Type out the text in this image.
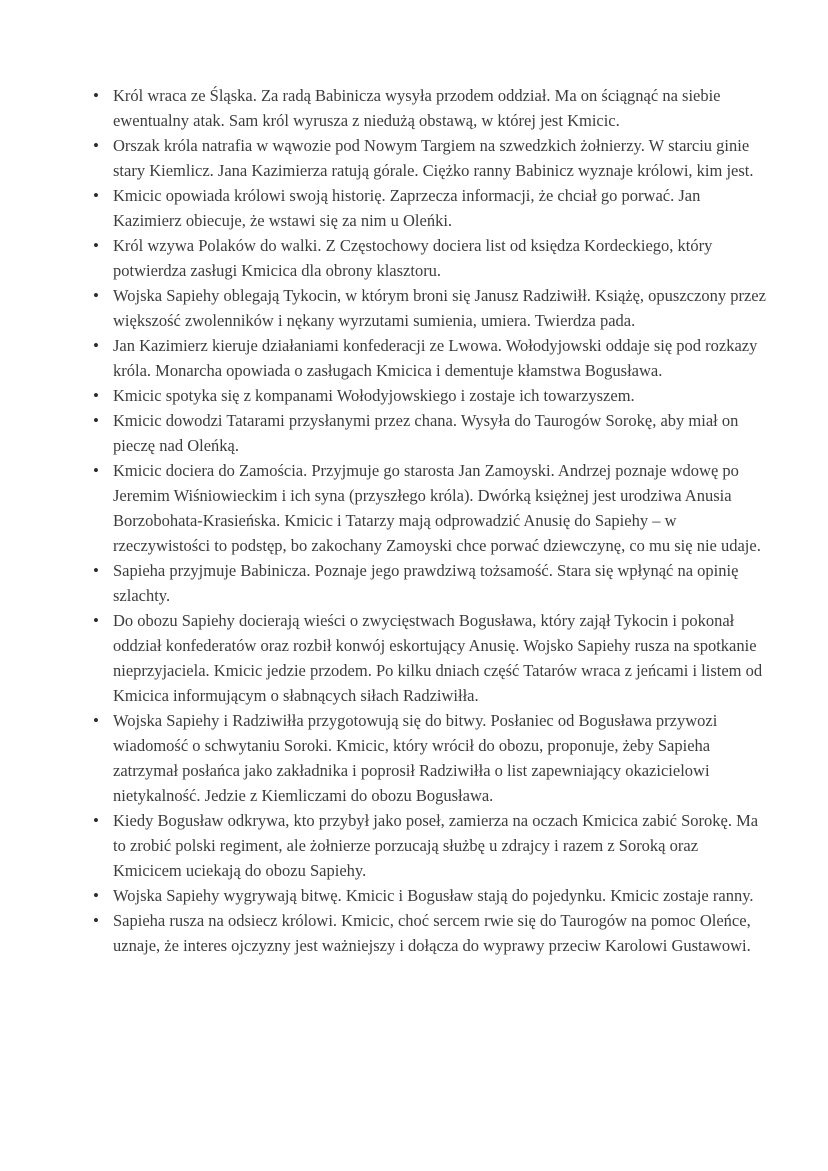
• Król wraca ze Śląska. Za radą Babinicza wysyła przodem oddział. Ma on ściągnąć na siebie ewentualny atak. Sam król wyrusza z niedużą obstawą, w której jest Kmicic.
• Orszak króla natrafia w wąwozie pod Nowym Targiem na szwedzkich żołnierzy. W starciu ginie stary Kiemlicz. Jana Kazimierza ratują górale. Ciężko ranny Babinicz wyznaje królowi, kim jest.
• Kmicic opowiada królowi swoją historię. Zaprzecza informacji, że chciał go porwać. Jan Kazimierz obiecuje, że wstawi się za nim u Oleńki.
• Król wzywa Polaków do walki. Z Częstochowy dociera list od księdza Kordeckiego, który potwierdza zasługi Kmicica dla obrony klasztoru.
• Wojska Sapiehy oblegają Tykocin, w którym broni się Janusz Radziwiłł. Książę, opuszczony przez większość zwolenników i nękany wyrzutami sumienia, umiera. Twierdza pada.
• Jan Kazimierz kieruje działaniami konfederacji ze Lwowa. Wołodyjowski oddaje się pod rozkazy króla. Monarcha opowiada o zasługach Kmicica i dementuje kłamstwa Bogusława.
• Kmicic spotyka się z kompanami Wołodyjowskiego i zostaje ich towarzyszem.
• Kmicic dowodzi Tatarami przysłanymi przez chana. Wysyła do Taurogów Sorokę, aby miał on pieczę nad Oleńką.
• Kmicic dociera do Zamościa. Przyjmuje go starosta Jan Zamoyski. Andrzej poznaje wdowę po Jeremim Wiśniowieckim i ich syna (przyszłego króla). Dwórką księżnej jest urodziwa Anusia Borzobohata-Krasieńska. Kmicic i Tatarzy mają odprowadzić Anusię do Sapiehy – w rzeczywistości to podstęp, bo zakochany Zamoyski chce porwać dziewczynę, co mu się nie udaje.
• Sapieha przyjmuje Babinicza. Poznaje jego prawdziwą tożsamość. Stara się wpłynąć na opinię szlachty.
• Do obozu Sapiehy docierają wieści o zwycięstwach Bogusława, który zajął Tykocin i pokonał oddział konfederatów oraz rozbił konwój eskortujący Anusię. Wojsko Sapiehy rusza na spotkanie nieprzyjaciela. Kmicic jedzie przodem. Po kilku dniach część Tatarów wraca z jeńcami i listem od Kmicica informującym o słabnących siłach Radziwiłła.
• Wojska Sapiehy i Radziwiłła przygotowują się do bitwy. Posłaniec od Bogusława przywozi wiadomość o schwytaniu Soroki. Kmicic, który wrócił do obozu, proponuje, żeby Sapieha zatrzymał posłańca jako zakładnika i poprosił Radziwiłła o list zapewniający okazicielowi nietykalność. Jedzie z Kiemliczami do obozu Bogusława.
• Kiedy Bogusław odkrywa, kto przybył jako poseł, zamierza na oczach Kmicica zabić Sorokę. Ma to zrobić polski regiment, ale żołnierze porzucają służbę u zdrajcy i razem z Soroką oraz Kmicicem uciekają do obozu Sapiehy.
• Wojska Sapiehy wygrywają bitwę. Kmicic i Bogusław stają do pojedynku. Kmicic zostaje ranny.
• Sapieha rusza na odsiecz królowi. Kmicic, choć sercem rwie się do Taurogów na pomoc Oleńce, uznaje, że interes ojczyzny jest ważniejszy i dołącza do wyprawy przeciw Karolowi Gustawowi.
